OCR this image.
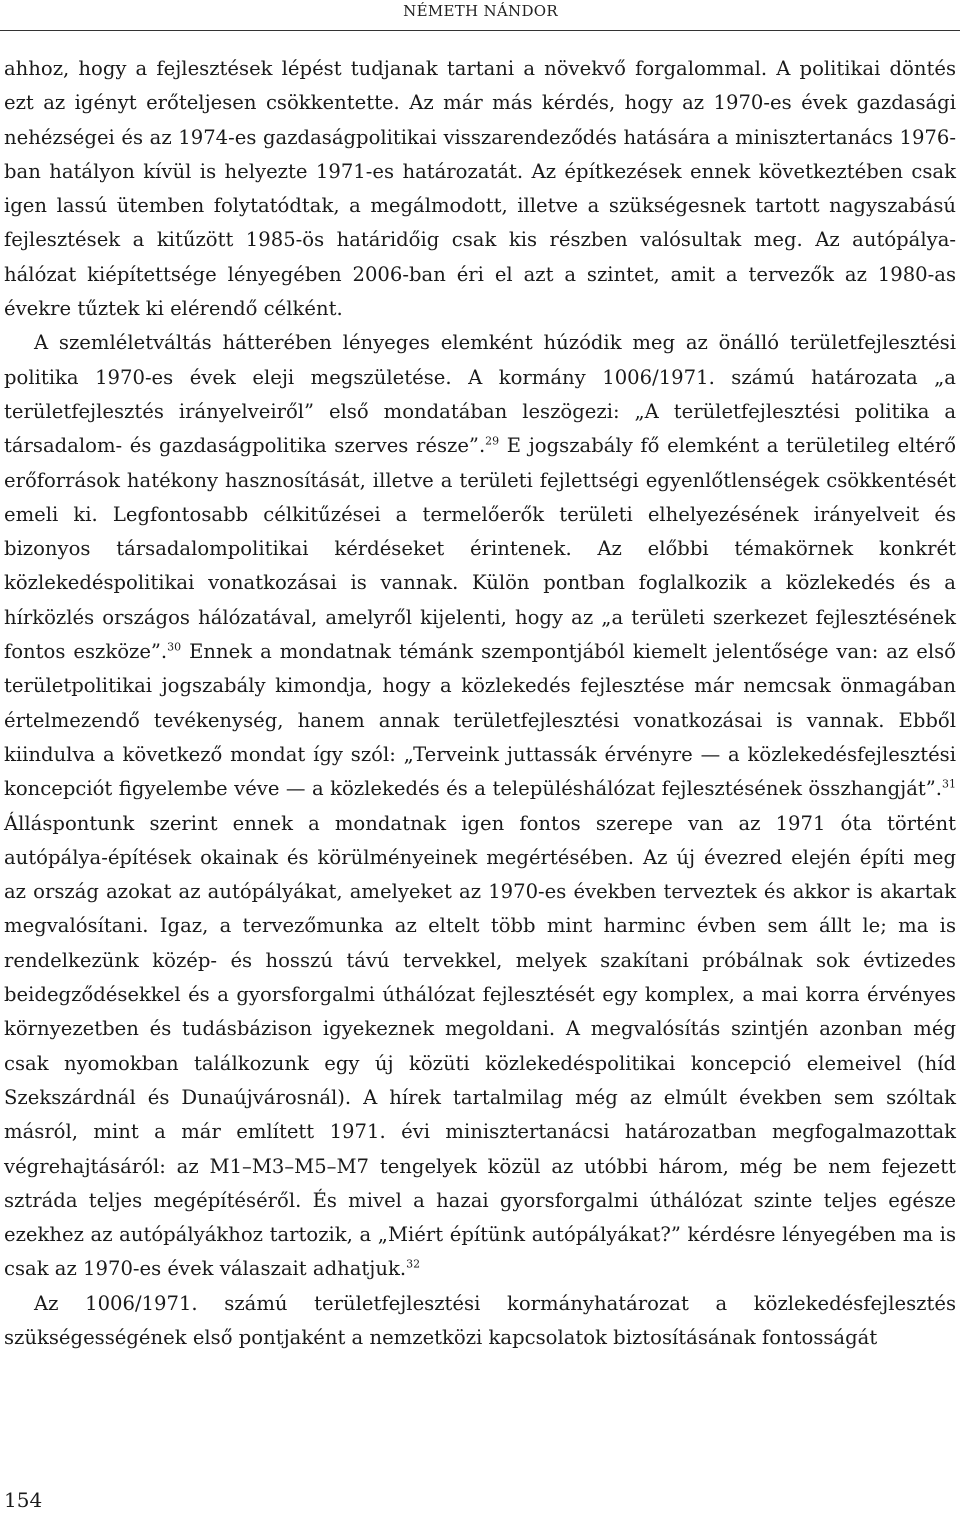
NÉMETH NÁNDOR

ahhoz, hogy a fejlesztések lépést tudjanak tartani a növekvő forgalommal. A politikai döntés ezt az igényt erőteljesen csökkentette. Az már más kérdés, hogy az 1970-es évek gazdasági nehézségei és az 1974-es gazdaságpolitikai visszarendeződés hatására a minisztertanács 1976-ban hatályon kívül is helyezte 1971-es határozatát. Az építkezések ennek következtében csak igen lassú ütemben folytatódtak, a megálmodott, illetve a szükségesnek tartott nagyszabású fejlesztések a kitűzött 1985-ös határidőig csak kis részben valósultak meg. Az autópálya-hálózat kiépítettsége lényegében 2006-ban éri el azt a szintet, amit a tervezők az 1980-as évekre tűztek ki elérendő célként.

A szemléletváltás hátterében lényeges elemként húzódik meg az önálló területfejlesztési politika 1970-es évek eleji megszületése. A kormány 1006/1971. számú határozata „a területfejlesztés irányelveiről” első mondatában leszögezi: „A területfejlesztési politika a társadalom- és gazdaságpolitika szerves része”.$^{29}$ E jogszabály fő elemként a területileg eltérő erőforrások hatékony hasznosítását, illetve a területi fejlettségi egyenlőtlenségek csökkentését emeli ki. Legfontosabb célkitűzései a termelőerők területi elhelyezésének irányelveit és bizonyos társadalompolitikai kérdéseket érintenek. Az előbbi témakörnek konkrét közlekedéspolitikai vonatkozásai is vannak. Külön pontban foglalkozik a közlekedés és a hírközlés országos hálózatával, amelyről kijelenti, hogy az „a területi szerkezet fejlesztésének fontos eszköze”.$^{30}$ Ennek a mondatnak témánk szempontjából kiemelt jelentősége van: az első területpolitikai jogszabály kimondja, hogy a közlekedés fejlesztése már nemcsak önmagában értelmezendő tevékenység, hanem annak területfejlesztési vonatkozásai is vannak. Ebből kiindulva a következő mondat így szól: „Terveink juttassák érvényre — a közlekedésfejlesztési koncepciót figyelembe véve — a közlekedés és a településhálózat fejlesztésének összhangját”.$^{31}$ Álláspontunk szerint ennek a mondatnak igen fontos szerepe van az 1971 óta történt autópálya-építések okainak és körülményeinek megértésében. Az új évezred elején építi meg az ország azokat az autópályákat, amelyeket az 1970-es években terveztek és akkor is akartak megvalósítani. Igaz, a tervezőmunka az eltelt több mint harminc évben sem állt le; ma is rendelkezünk közép- és hosszú távú tervekkel, melyek szakítani próbálnak sok évtizedes beidegződésekkel és a gyorsforgalmi úthálózat fejlesztését egy komplex, a mai korra érvényes környezetben és tudásbázison igyekeznek megoldani. A megvalósítás szintjén azonban még csak nyomokban találkozunk egy új közüti közlekedéspolitikai koncepció elemeivel (híd Szekszárdnál és Dunaújvárosnál). A hírek tartalmilag még az elmúlt években sem szóltak másról, mint a már említett 1971. évi minisztertanácsi határozatban megfogalmazottak végrehajtásáról: az M1–M3–M5–M7 tengelyek közül az utóbbi három, még be nem fejezett sztráda teljes megépítéséről. És mivel a hazai gyorsforgalmi úthálózat szinte teljes egésze ezekhez az autópályákhoz tartozik, a „Miért építünk autópályákat?” kérdésre lényegében ma is csak az 1970-es évek válaszait adhatjuk.$^{32}$

Az 1006/1971. számú területfejlesztési kormányhatározat a közlekedésfejlesztés szükségességének első pontjaként a nemzetközi kapcsolatok biztosításának fontosságát

154
